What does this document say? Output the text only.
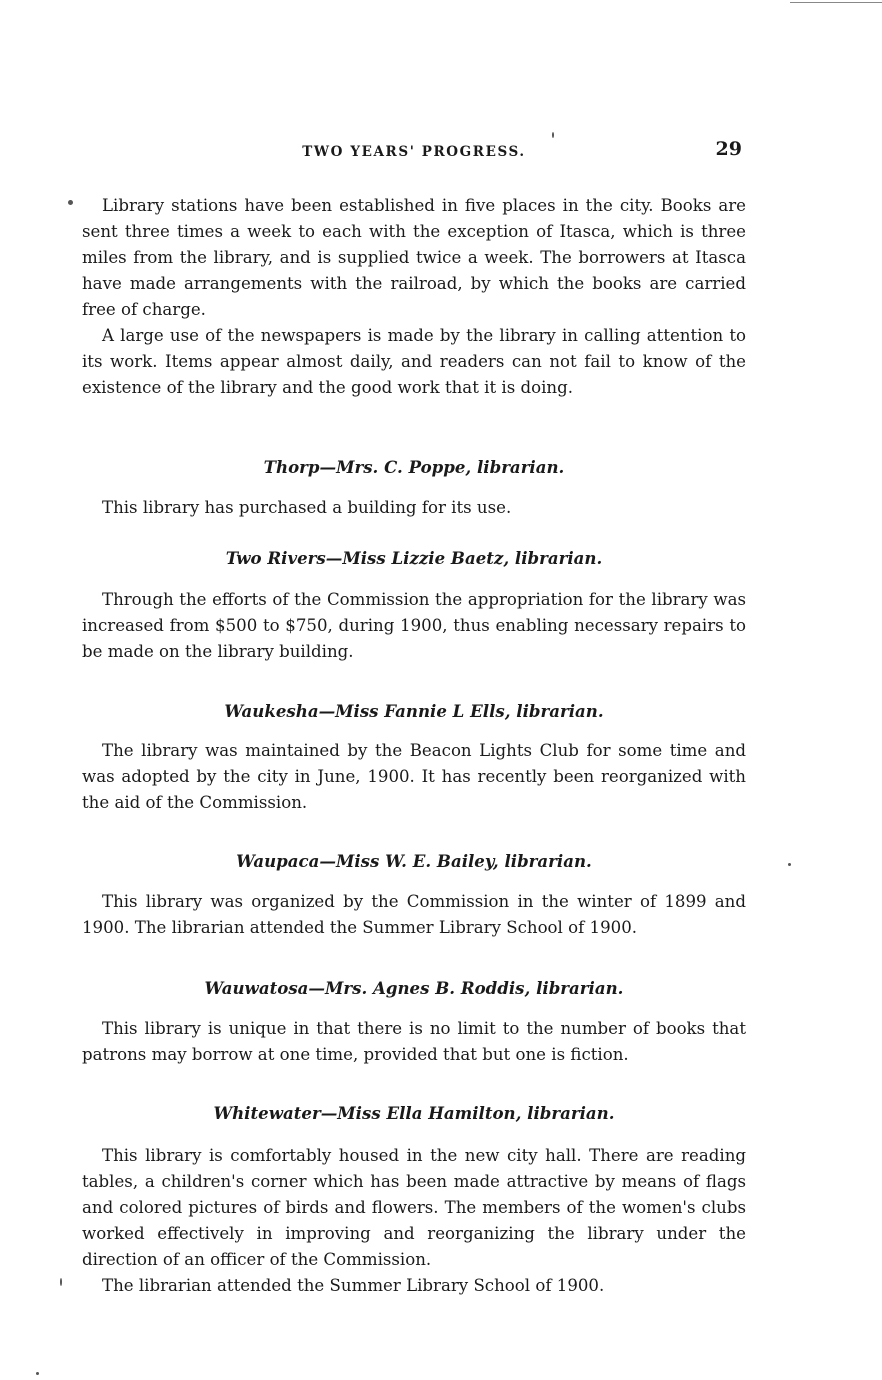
TWO YEARS' PROGRESS.	29

Library stations have been established in five places in the city. Books are sent three times a week to each with the exception of Itasca, which is three miles from the library, and is supplied twice a week. The borrowers at Itasca have made arrangements with the railroad, by which the books are carried free of charge.

A large use of the newspapers is made by the library in calling attention to its work. Items appear almost daily, and readers can not fail to know of the existence of the library and the good work that it is doing.

Thorp—Mrs. C. Poppe, librarian.

This library has purchased a building for its use.

Two Rivers—Miss Lizzie Baetz, librarian.

Through the efforts of the Commission the appropriation for the library was increased from $500 to $750, during 1900, thus enabling necessary repairs to be made on the library building.

Waukesha—Miss Fannie L Ells, librarian.

The library was maintained by the Beacon Lights Club for some time and was adopted by the city in June, 1900. It has recently been reorganized with the aid of the Commission.

Waupaca—Miss W. E. Bailey, librarian.

This library was organized by the Commission in the winter of 1899 and 1900. The librarian attended the Summer Library School of 1900.

Wauwatosa—Mrs. Agnes B. Roddis, librarian.

This library is unique in that there is no limit to the number of books that patrons may borrow at one time, provided that but one is fiction.

Whitewater—Miss Ella Hamilton, librarian.

This library is comfortably housed in the new city hall. There are reading tables, a children's corner which has been made attractive by means of flags and colored pictures of birds and flowers. The members of the women's clubs worked effectively in improving and reorganizing the library under the direction of an officer of the Commission.

The librarian attended the Summer Library School of 1900.
